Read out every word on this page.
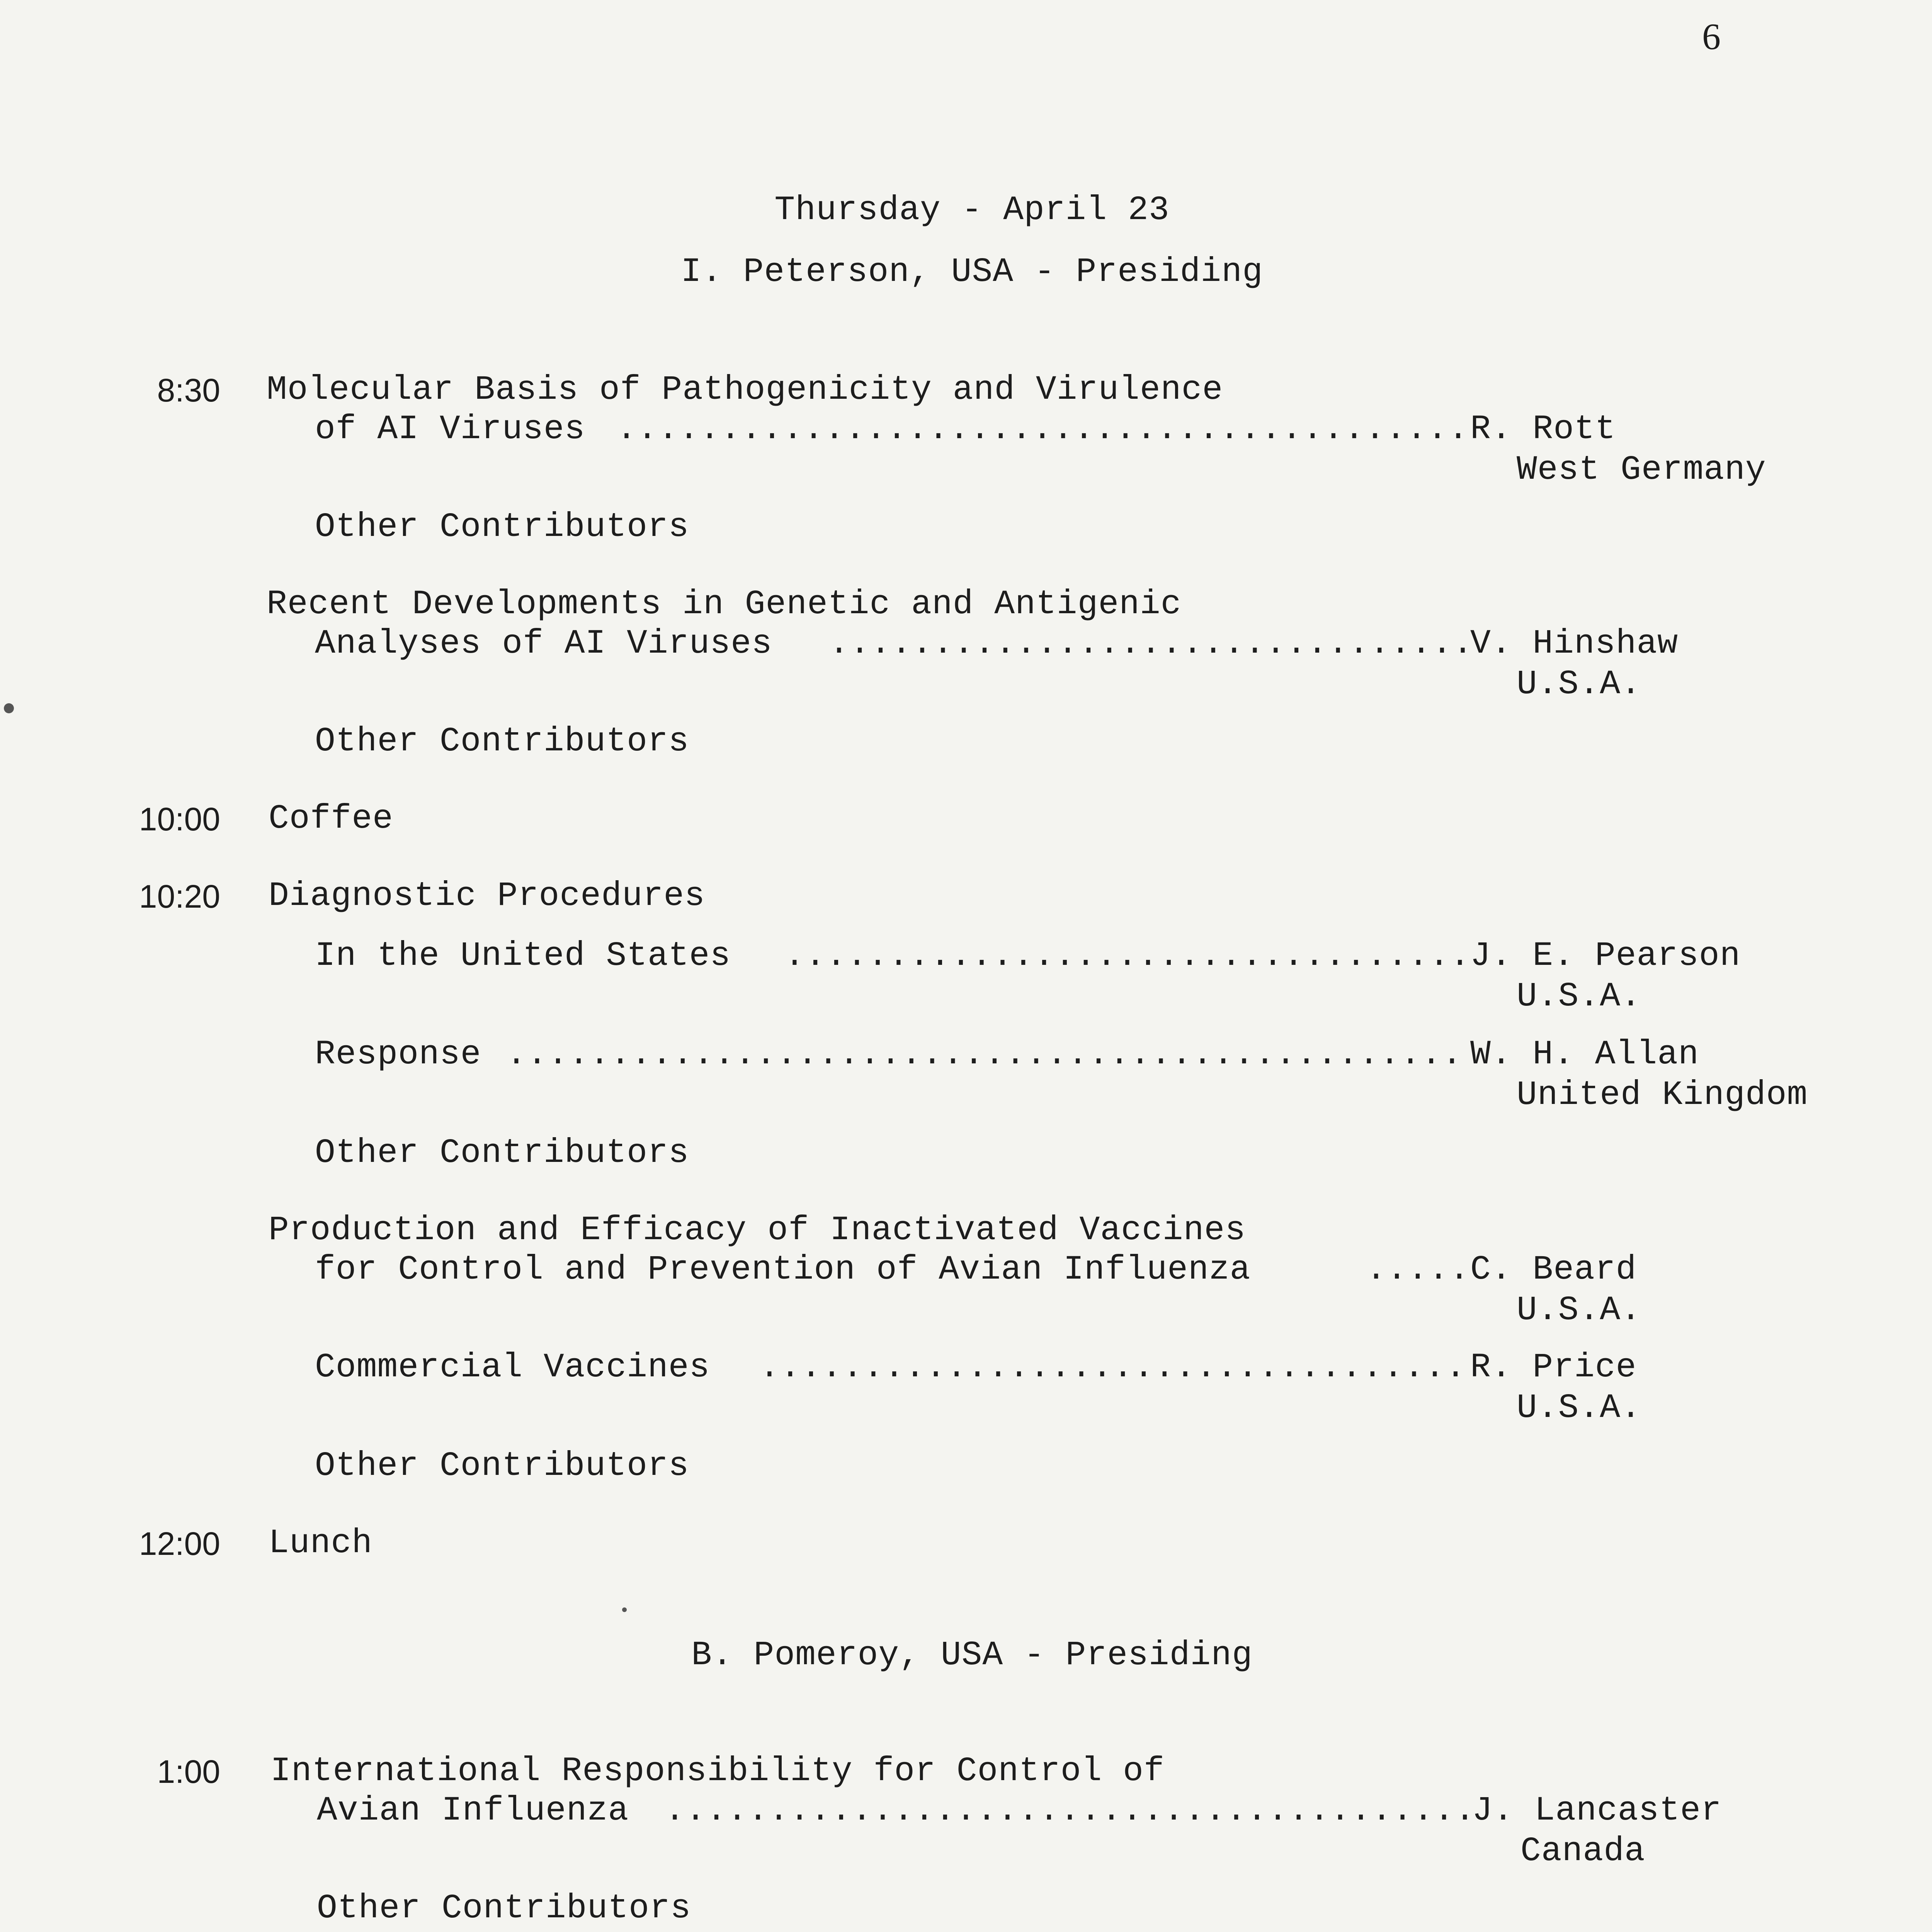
6
Thursday - April 23
I. Peterson, USA - Presiding
8:30 Molecular Basis of Pathogenicity and Virulence
of AI Viruses .....	R. Rott
West Germany
Other Contributors
Recent Developments in Genetic and Antigenic
Analyses of AI Viruses .....	V. Hinshaw
U.S.A.
Other Contributors
10:00 Coffee
10:20 Diagnostic Procedures
In the United States .....	J. E. Pearson
U.S.A.
Response .....	W. H. Allan
United Kingdom
Other Contributors
Production and Efficacy of Inactivated Vaccines
for Control and Prevention of Avian Influenza .....	C. Beard
U.S.A.
Commercial Vaccines .....	R. Price
U.S.A.
Other Contributors
12:00 Lunch
B. Pomeroy, USA - Presiding
1:00 International Responsibility for Control of
Avian Influenza .....	J. Lancaster
Canada
Other Contributors
